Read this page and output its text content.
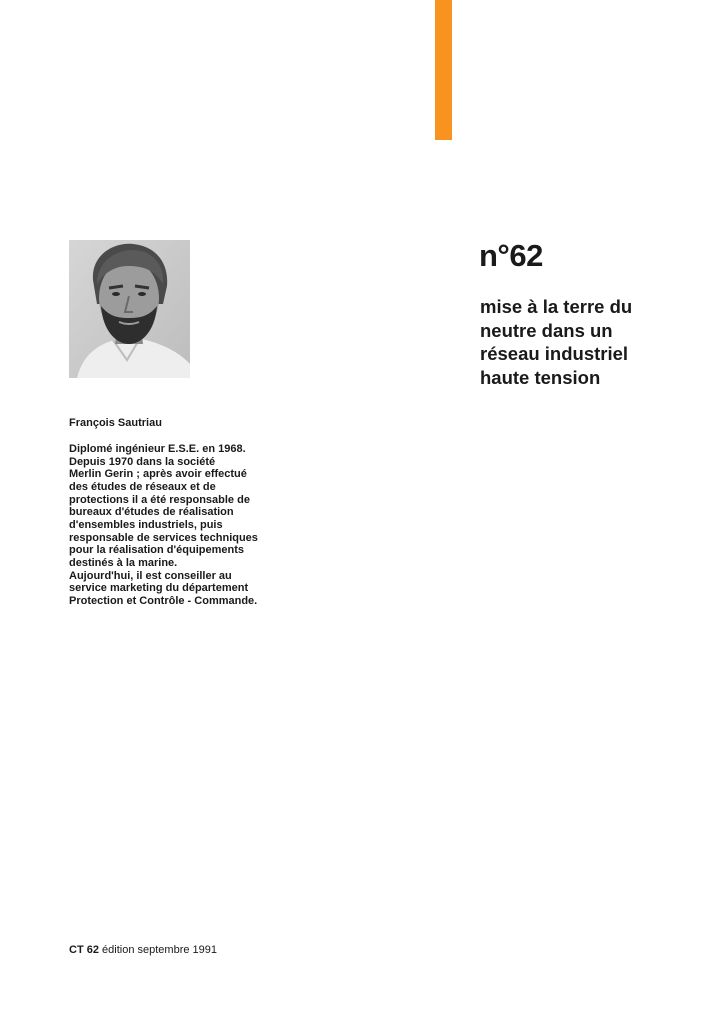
n°62
mise à la terre du
neutre dans un
réseau industriel
haute tension

François Sautriau

Diplomé ingénieur E.S.E. en 1968.
Depuis 1970 dans la société
Merlin Gerin ; après avoir effectué
des études de réseaux et de
protections il a été responsable de
bureaux d'études de réalisation
d'ensembles industriels, puis
responsable de services techniques
pour la réalisation d'équipements
destinés à la marine.
Aujourd'hui, il est conseiller au
service marketing du département
Protection et Contrôle - Commande.

CT 62 édition septembre 1991
